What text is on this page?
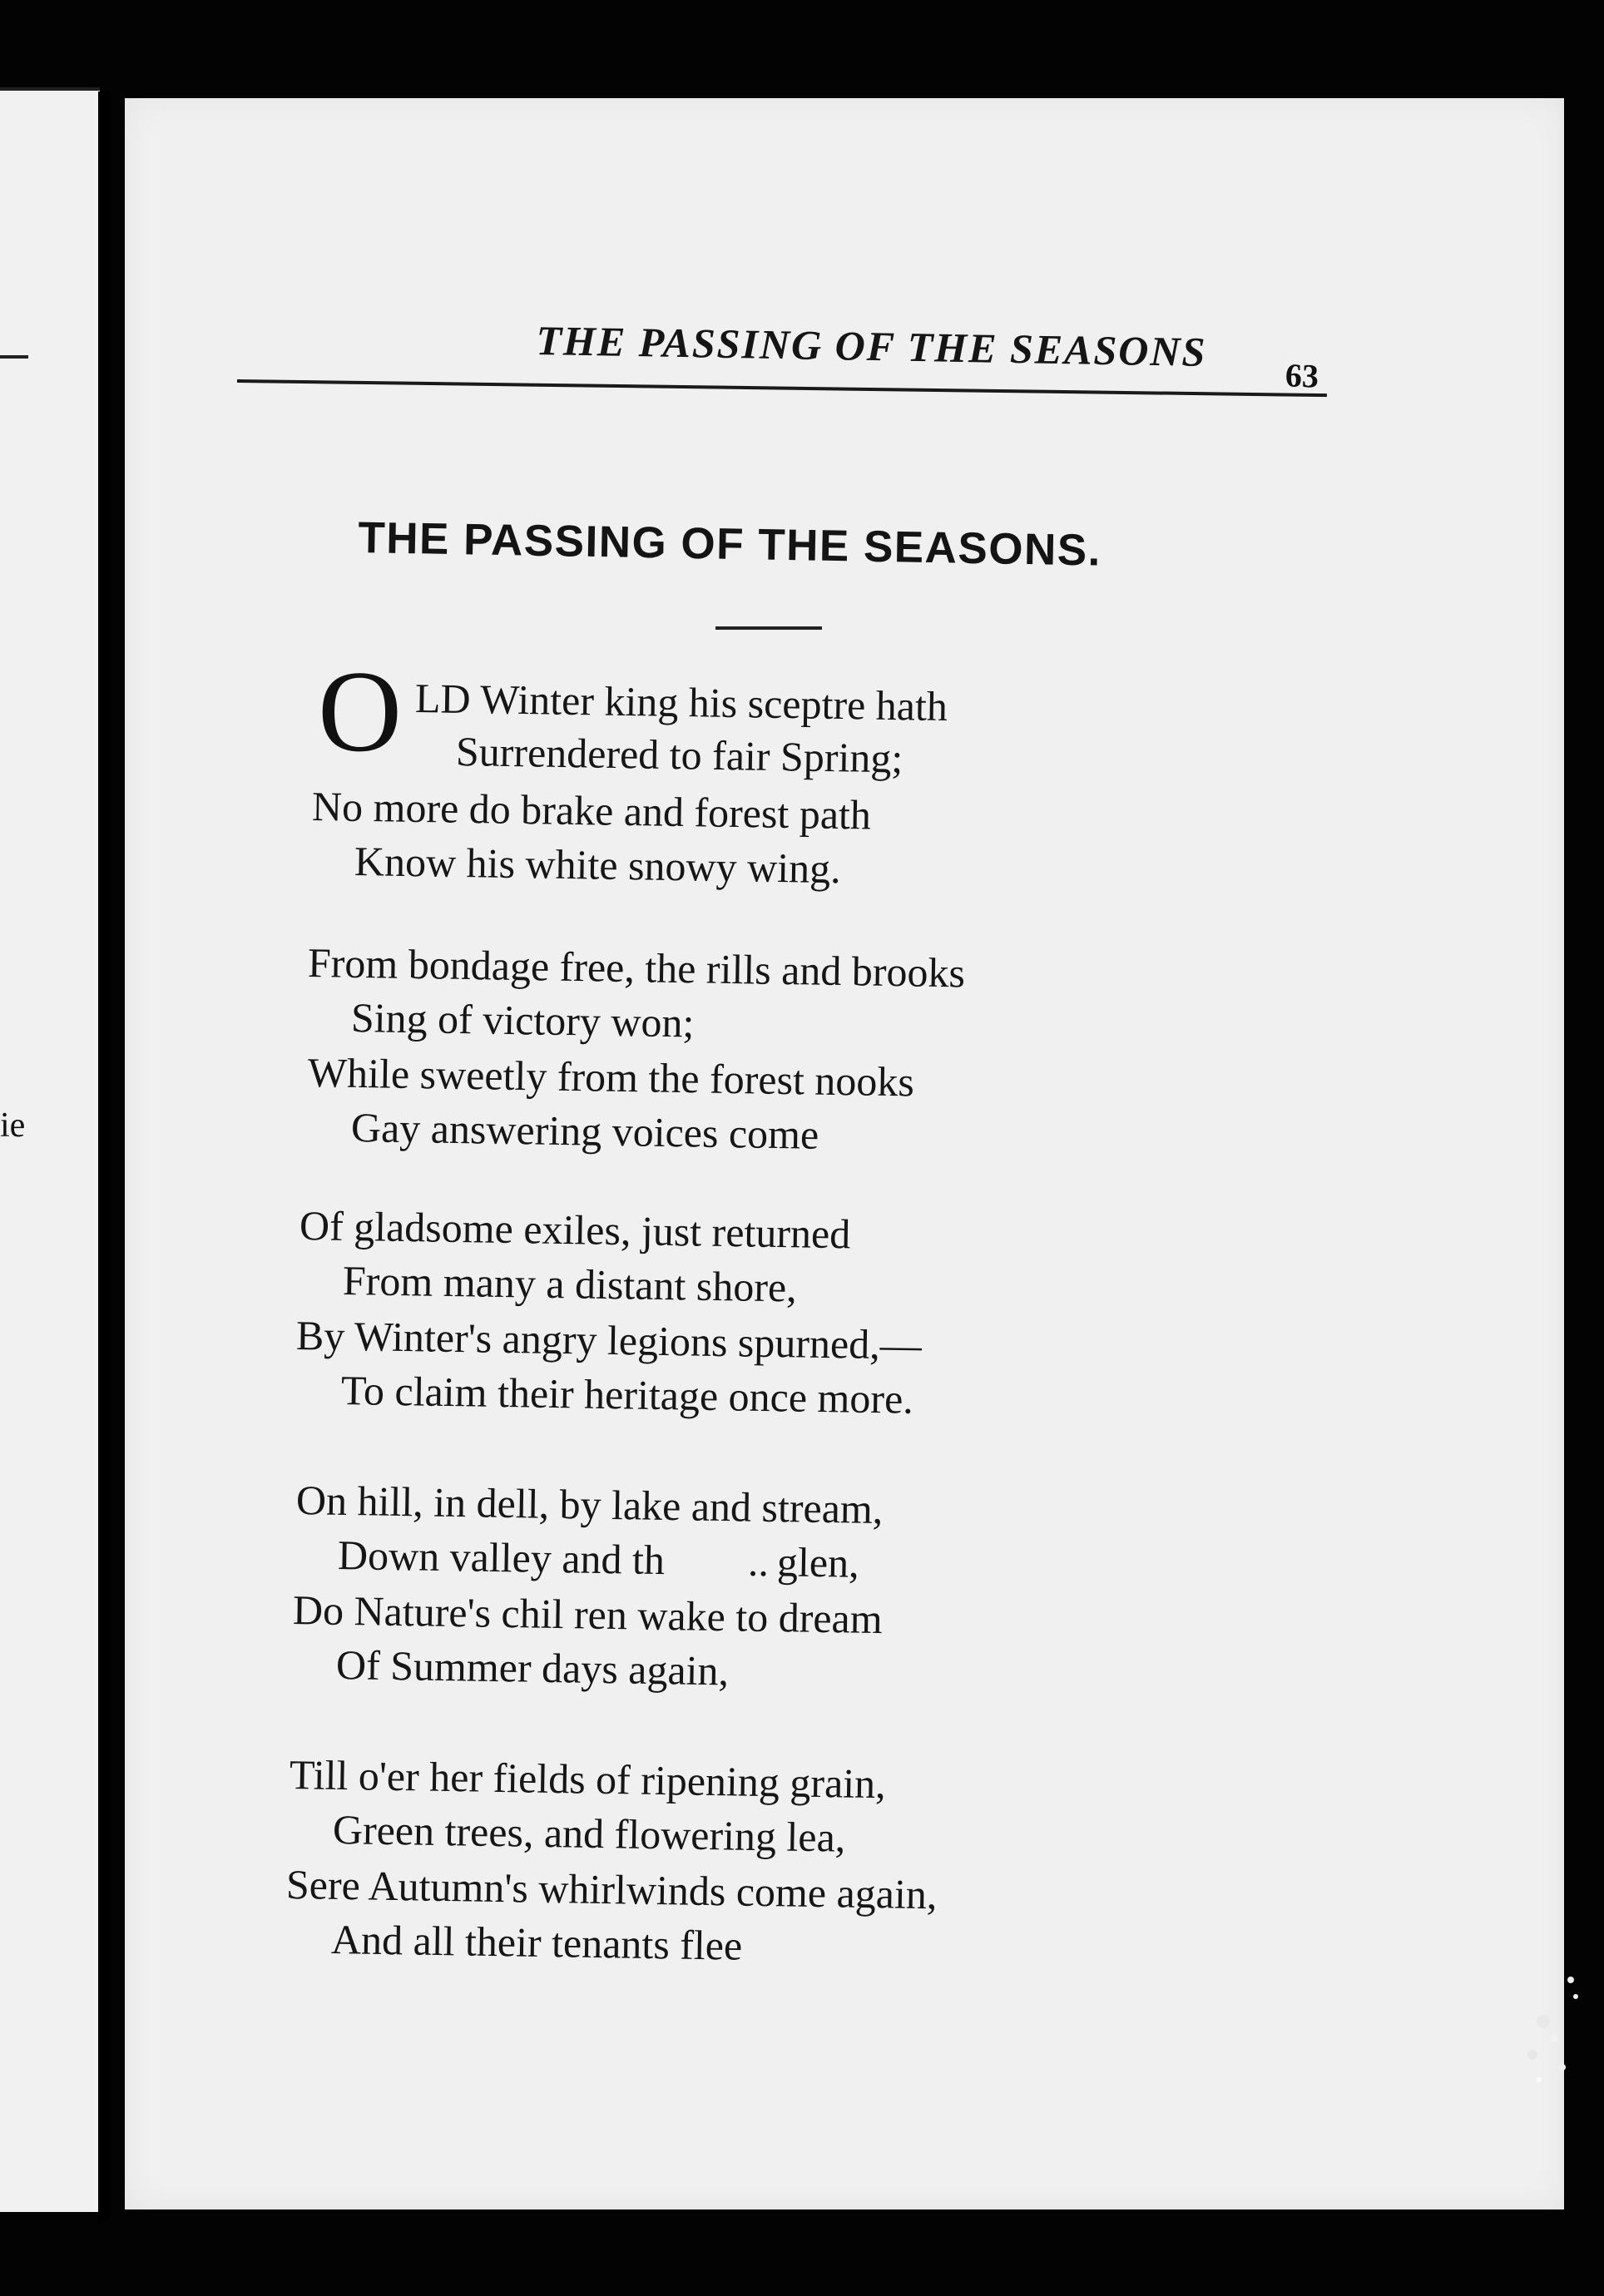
ie
THE PASSING OF THE SEASONS
63
THE PASSING OF THE SEASONS.
O LD Winter king his sceptre hath
Surrendered to fair Spring;
No more do brake and forest path
Know his white snowy wing.
From bondage free, the rills and brooks
Sing of victory won;
While sweetly from the forest nooks
Gay answering voices come
Of gladsome exiles, just returned
From many a distant shore,
By Winter's angry legions spurned,—
To claim their heritage once more.
On hill, in dell, by lake and stream,
Down valley and th          .. glen,
Do Nature's chil ren wake to dream
Of Summer days again,
Till o'er her fields of ripening grain,
Green trees, and flowering lea,
Sere Autumn's whirlwinds come again,
And all their tenants flee
